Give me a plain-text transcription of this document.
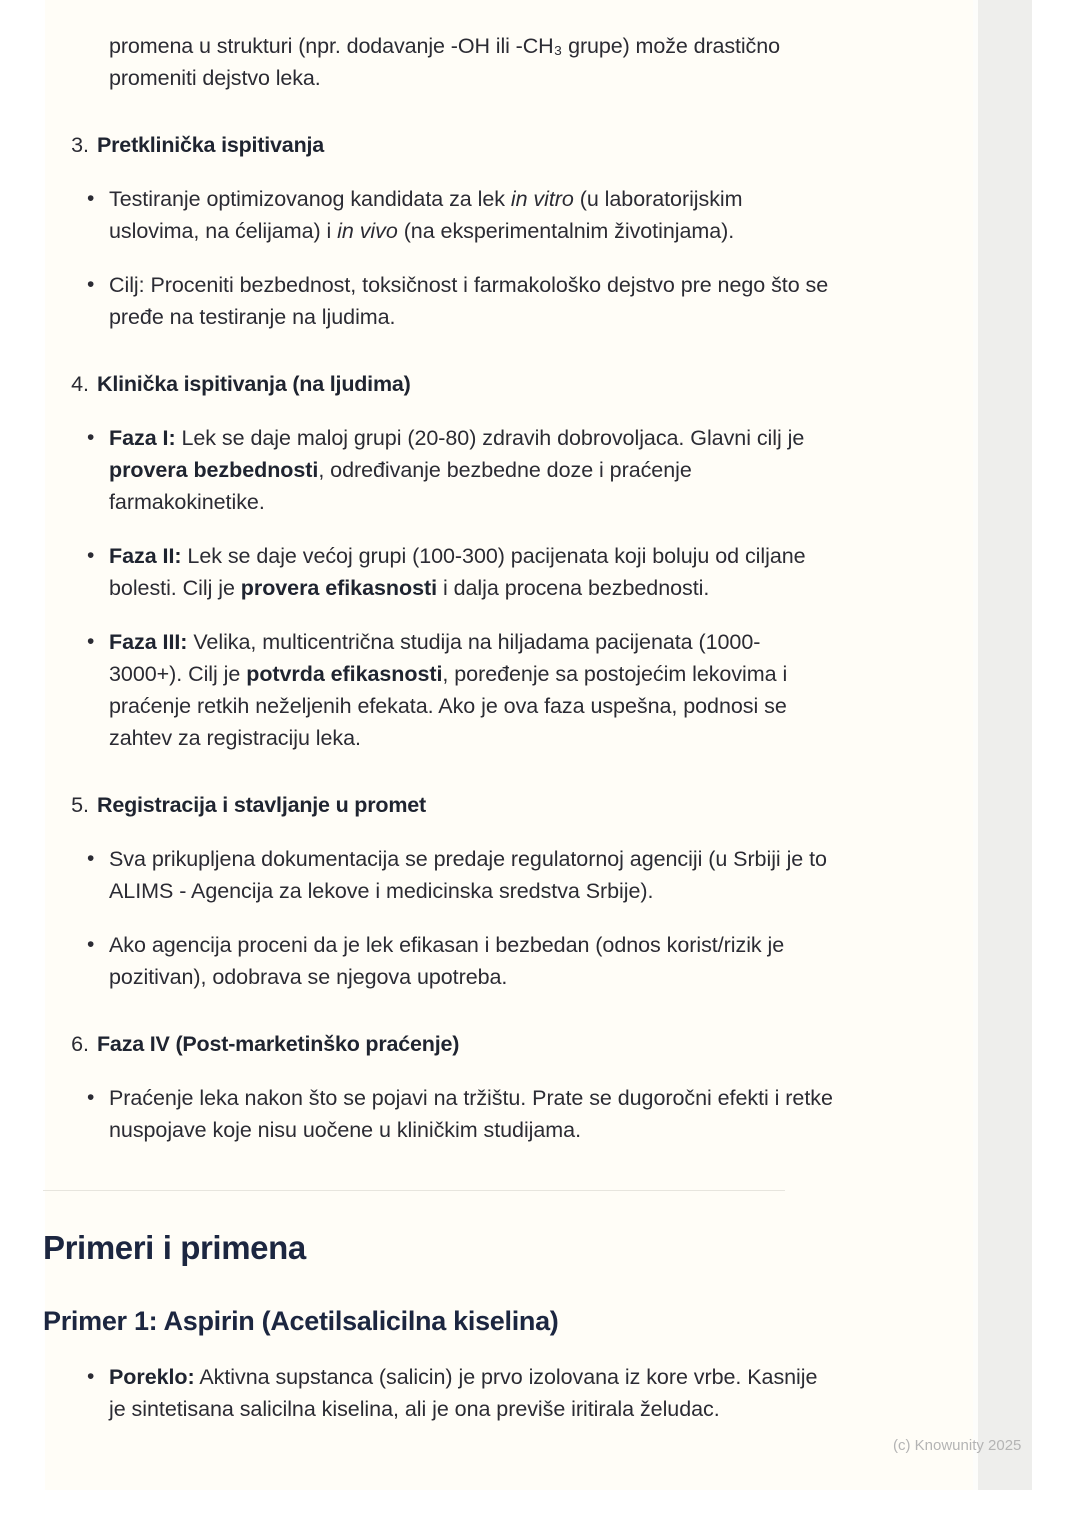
promena u strukturi (npr. dodavanje -OH ili -CH₃ grupe) može drastično promeniti dejstvo leka.

3. Pretklinička ispitivanja
• Testiranje optimizovanog kandidata za lek in vitro (u laboratorijskim uslovima, na ćelijama) i in vivo (na eksperimentalnim životinjama).
• Cilj: Proceniti bezbednost, toksičnost i farmakološko dejstvo pre nego što se pređe na testiranje na ljudima.
4. Klinička ispitivanja (na ljudima)
• Faza I: Lek se daje maloj grupi (20-80) zdravih dobrovoljaca. Glavni cilj je provera bezbednosti, određivanje bezbedne doze i praćenje farmakokinetike.
• Faza II: Lek se daje većoj grupi (100-300) pacijenata koji boluju od ciljane bolesti. Cilj je provera efikasnosti i dalja procena bezbednosti.
• Faza III: Velika, multicentrična studija na hiljadama pacijenata (1000-3000+). Cilj je potvrda efikasnosti, poređenje sa postojećim lekovima i praćenje retkih neželjenih efekata. Ako je ova faza uspešna, podnosi se zahtev za registraciju leka.
5. Registracija i stavljanje u promet
• Sva prikupljena dokumentacija se predaje regulatornoj agenciji (u Srbiji je to ALIMS - Agencija za lekove i medicinska sredstva Srbije).
• Ako agencija proceni da je lek efikasan i bezbedan (odnos korist/rizik je pozitivan), odobrava se njegova upotreba.
6. Faza IV (Post-marketinško praćenje)
• Praćenje leka nakon što se pojavi na tržištu. Prate se dugoročni efekti i retke nuspojave koje nisu uočene u kliničkim studijama.
Primeri i primena
Primer 1: Aspirin (Acetilsalicilna kiselina)
• Poreklo: Aktivna supstanca (salicin) je prvo izolovana iz kore vrbe. Kasnije je sintetisana salicilna kiselina, ali je ona previše iritirala želudac.
(c) Knowunity 2025
